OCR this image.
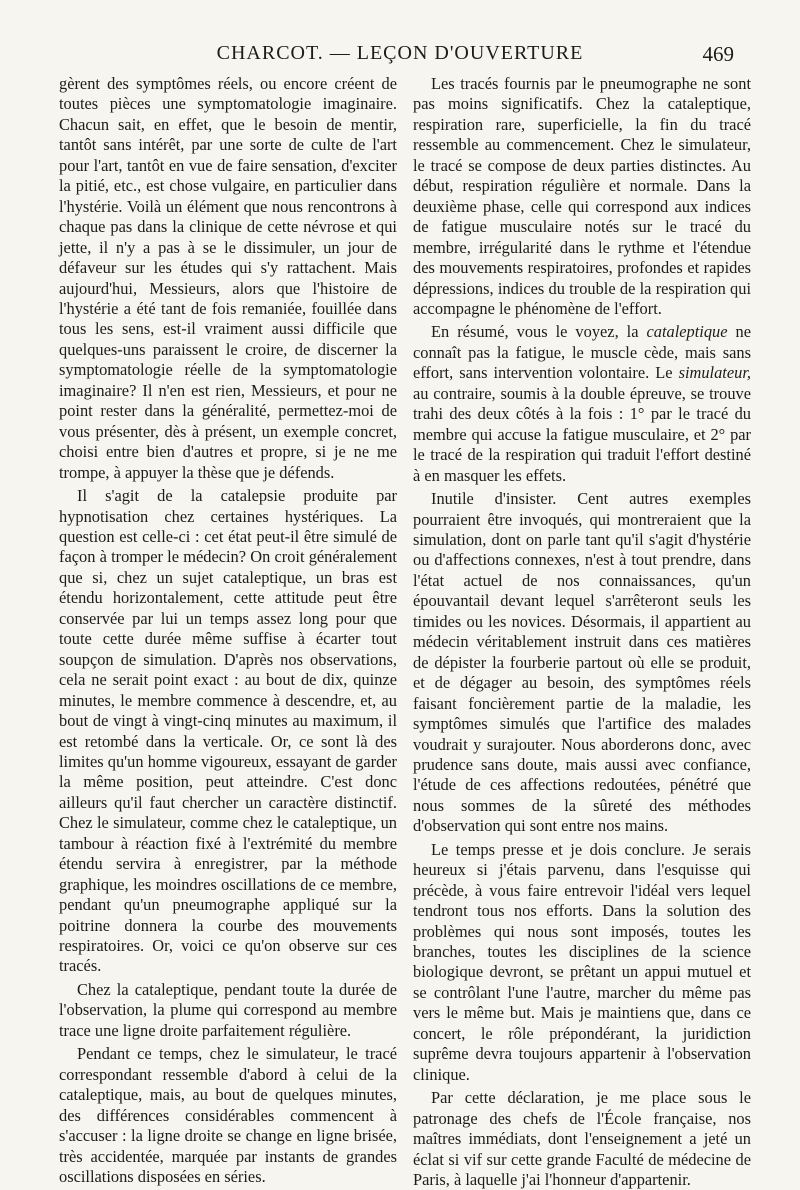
CHARCOT. — LEÇON D'OUVERTURE	469

gèrent des symptômes réels, ou encore créent de toutes pièces une symptomatologie imaginaire. Chacun sait, en effet, que le besoin de mentir, tantôt sans intérêt, par une sorte de culte de l'art pour l'art, tantôt en vue de faire sensation, d'exciter la pitié, etc., est chose vulgaire, en particulier dans l'hystérie. Voilà un élément que nous rencontrons à chaque pas dans la clinique de cette névrose et qui jette, il n'y a pas à se le dissimuler, un jour de défaveur sur les études qui s'y rattachent. Mais aujourd'hui, Messieurs, alors que l'histoire de l'hystérie a été tant de fois remaniée, fouillée dans tous les sens, est-il vraiment aussi difficile que quelques-uns paraissent le croire, de discerner la symptomatologie réelle de la symptomatologie imaginaire? Il n'en est rien, Messieurs, et pour ne point rester dans la généralité, permettez-moi de vous présenter, dès à présent, un exemple concret, choisi entre bien d'autres et propre, si je ne me trompe, à appuyer la thèse que je défends.

Il s'agit de la catalepsie produite par hypnotisation chez certaines hystériques. La question est celle-ci : cet état peut-il être simulé de façon à tromper le médecin? On croit généralement que si, chez un sujet cataleptique, un bras est étendu horizontalement, cette attitude peut être conservée par lui un temps assez long pour que toute cette durée même suffise à écarter tout soupçon de simulation. D'après nos observations, cela ne serait point exact : au bout de dix, quinze minutes, le membre commence à descendre, et, au bout de vingt à vingt-cinq minutes au maximum, il est retombé dans la verticale. Or, ce sont là des limites qu'un homme vigoureux, essayant de garder la même position, peut atteindre. C'est donc ailleurs qu'il faut chercher un caractère distinctif. Chez le simulateur, comme chez le cataleptique, un tambour à réaction fixé à l'extrémité du membre étendu servira à enregistrer, par la méthode graphique, les moindres oscillations de ce membre, pendant qu'un pneumographe appliqué sur la poitrine donnera la courbe des mouvements respiratoires. Or, voici ce qu'on observe sur ces tracés.

Chez la cataleptique, pendant toute la durée de l'observation, la plume qui correspond au membre trace une ligne droite parfaitement régulière.

Pendant ce temps, chez le simulateur, le tracé correspondant ressemble d'abord à celui de la cataleptique, mais, au bout de quelques minutes, des différences considérables commencent à s'accuser : la ligne droite se change en ligne brisée, très accidentée, marquée par instants de grandes oscillations disposées en séries.

Les tracés fournis par le pneumographe ne sont pas moins significatifs. Chez la cataleptique, respiration rare, superficielle, la fin du tracé ressemble au commencement. Chez le simulateur, le tracé se compose de deux parties distinctes. Au début, respiration régulière et normale. Dans la deuxième phase, celle qui correspond aux indices de fatigue musculaire notés sur le tracé du membre, irrégularité dans le rythme et l'étendue des mouvements respiratoires, profondes et rapides dépressions, indices du trouble de la respiration qui accompagne le phénomène de l'effort.

En résumé, vous le voyez, la cataleptique ne connaît pas la fatigue, le muscle cède, mais sans effort, sans intervention volontaire. Le simulateur, au contraire, soumis à la double épreuve, se trouve trahi des deux côtés à la fois : 1° par le tracé du membre qui accuse la fatigue musculaire, et 2° par le tracé de la respiration qui traduit l'effort destiné à en masquer les effets.

Inutile d'insister. Cent autres exemples pourraient être invoqués, qui montreraient que la simulation, dont on parle tant qu'il s'agit d'hystérie ou d'affections connexes, n'est à tout prendre, dans l'état actuel de nos connaissances, qu'un épouvantail devant lequel s'arrêteront seuls les timides ou les novices. Désormais, il appartient au médecin véritablement instruit dans ces matières de dépister la fourberie partout où elle se produit, et de dégager au besoin, des symptômes réels faisant foncièrement partie de la maladie, les symptômes simulés que l'artifice des malades voudrait y surajouter. Nous aborderons donc, avec prudence sans doute, mais aussi avec confiance, l'étude de ces affections redoutées, pénétré que nous sommes de la sûreté des méthodes d'observation qui sont entre nos mains.

Le temps presse et je dois conclure. Je serais heureux si j'étais parvenu, dans l'esquisse qui précède, à vous faire entrevoir l'idéal vers lequel tendront tous nos efforts. Dans la solution des problèmes qui nous sont imposés, toutes les branches, toutes les disciplines de la science biologique devront, se prêtant un appui mutuel et se contrôlant l'une l'autre, marcher du même pas vers le même but. Mais je maintiens que, dans ce concert, le rôle prépondérant, la juridiction suprême devra toujours appartenir à l'observation clinique.

Par cette déclaration, je me place sous le patronage des chefs de l'École française, nos maîtres immédiats, dont l'enseignement a jeté un éclat si vif sur cette grande Faculté de médecine de Paris, à laquelle j'ai l'honneur d'appartenir.
